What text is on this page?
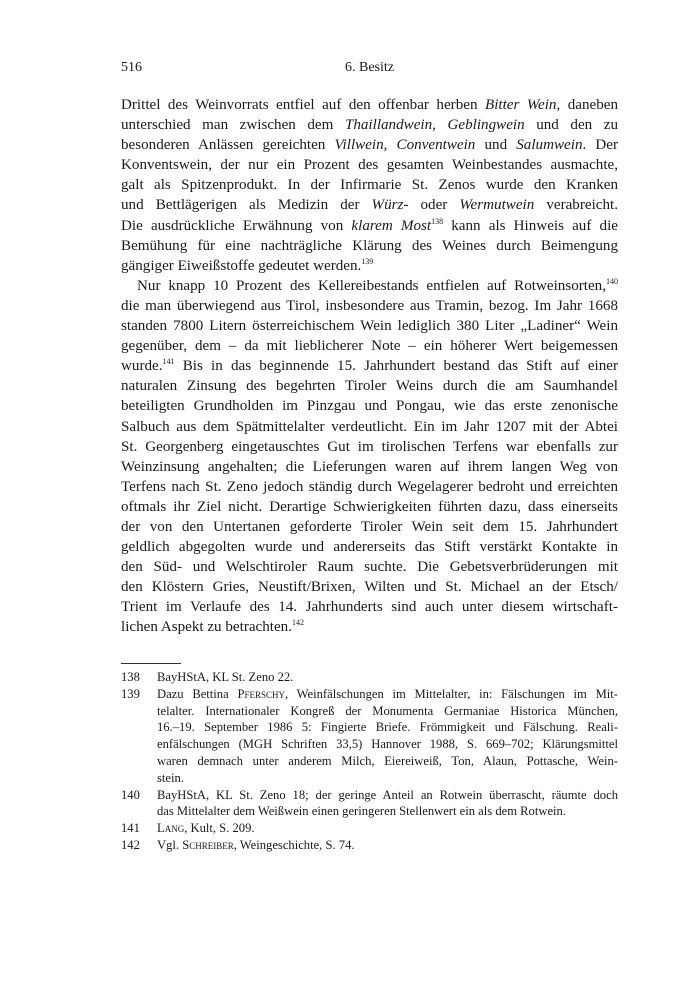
516	6. Besitz
Drittel des Weinvorrats entfiel auf den offenbar herben Bitter Wein, daneben
unterschied man zwischen dem Thaillandwein, Geblingwein und den zu
besonderen Anlässen gereichten Villwein, Conventwein und Salumwein. Der
Konventswein, der nur ein Prozent des gesamten Weinbestandes ausmachte,
galt als Spitzenprodukt. In der Infirmarie St. Zenos wurde den Kranken
und Bettlägerigen als Medizin der Würz- oder Wermutwein verabreicht.
Die ausdrückliche Erwähnung von klarem Most$^{138}$ kann als Hinweis auf die
Bemühung für eine nachträgliche Klärung des Weines durch Beimengung
gängiger Eiweißstoffe gedeutet werden.$^{139}$
Nur knapp 10 Prozent des Kellereibestands entfielen auf Rotweinsorten,$^{140}$
die man überwiegend aus Tirol, insbesondere aus Tramin, bezog. Im Jahr 1668
standen 7800 Litern österreichischem Wein lediglich 380 Liter „Ladiner“ Wein
gegenüber, dem – da mit lieblicherer Note – ein höherer Wert beigemessen
wurde.$^{141}$ Bis in das beginnende 15. Jahrhundert bestand das Stift auf einer
naturalen Zinsung des begehrten Tiroler Weins durch die am Saumhandel
beteiligten Grundholden im Pinzgau und Pongau, wie das erste zenonische
Salbuch aus dem Spätmittelalter verdeutlicht. Ein im Jahr 1207 mit der Abtei
St. Georgenberg eingetauschtes Gut im tirolischen Terfens war ebenfalls zur
Weinzinsung angehalten; die Lieferungen waren auf ihrem langen Weg von
Terfens nach St. Zeno jedoch ständig durch Wegelagerer bedroht und erreichten
oftmals ihr Ziel nicht. Derartige Schwierigkeiten führten dazu, dass einerseits
der von den Untertanen geforderte Tiroler Wein seit dem 15. Jahrhundert
geldlich abgegolten wurde und andererseits das Stift verstärkt Kontakte in
den Süd- und Welschtiroler Raum suchte. Die Gebetsverbrüderungen mit
den Klöstern Gries, Neustift/Brixen, Wilten und St. Michael an der Etsch/
Trient im Verlaufe des 14. Jahrhunderts sind auch unter diesem wirtschaft-
lichen Aspekt zu betrachten.$^{142}$
138 BayHStA, KL St. Zeno 22.
139 Dazu Bettina Pferschy, Weinfälschungen im Mittelalter, in: Fälschungen im Mit-
telalter. Internationaler Kongreß der Monumenta Germaniae Historica München,
16.–19. September 1986 5: Fingierte Briefe. Frömmigkeit und Fälschung. Reali-
enfälschungen (MGH Schriften 33,5) Hannover 1988, S. 669–702; Klärungsmittel
waren demnach unter anderem Milch, Eiereiweiß, Ton, Alaun, Pottasche, Wein-
stein.
140 BayHStA, KL St. Zeno 18; der geringe Anteil an Rotwein überrascht, räumte doch
das Mittelalter dem Weißwein einen geringeren Stellenwert ein als dem Rotwein.
141 Lang, Kult, S. 209.
142 Vgl. Schreiber, Weingeschichte, S. 74.
